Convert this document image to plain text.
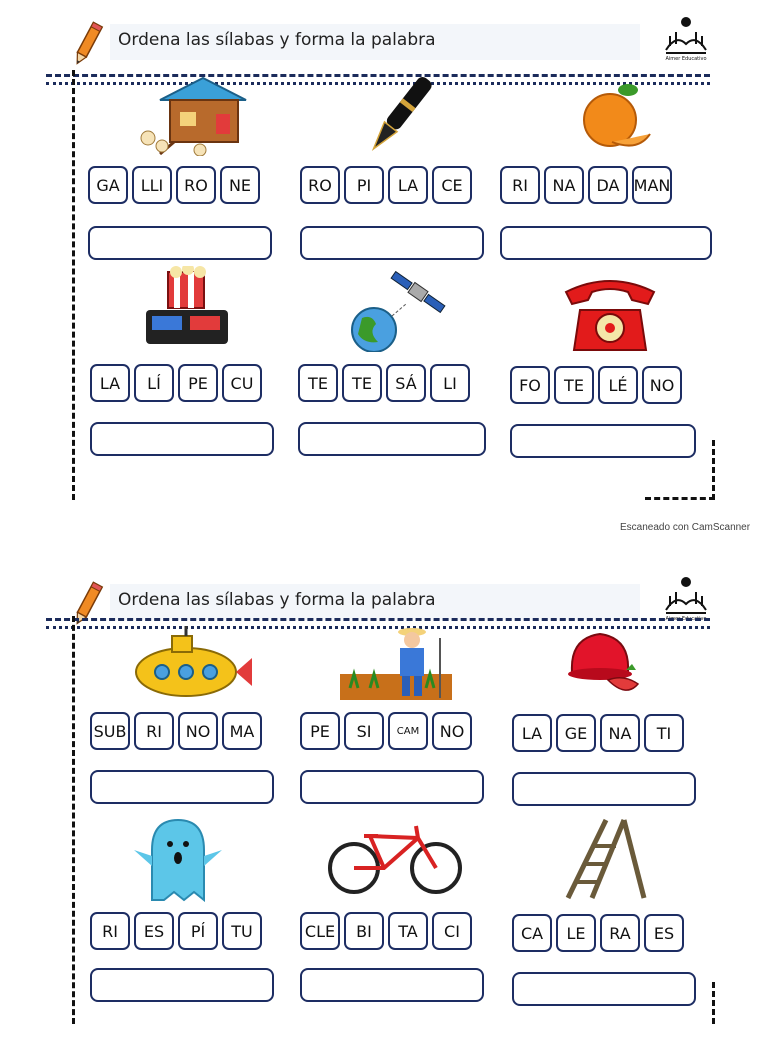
Ordena las sílabas y forma la palabra
Aimer Educativo
GA	LLI	RO	NE	RO	PI	LA	CE	RI	NA	DA MAN
LA	LÍ	PE	CU	TE	TE	SÁ	LI	FO	TE	LÉ	NO
Escaneado con CamScanner
Ordena las sílabas y forma la palabra
Aimer Educativo
SUB	RI	NO	MA	PE	SI	CAM	NO	LA	GE	NA	TI
RI	ES	PÍ	TU	CLE	BI	TA	CI	CA	LE	RA	ES
